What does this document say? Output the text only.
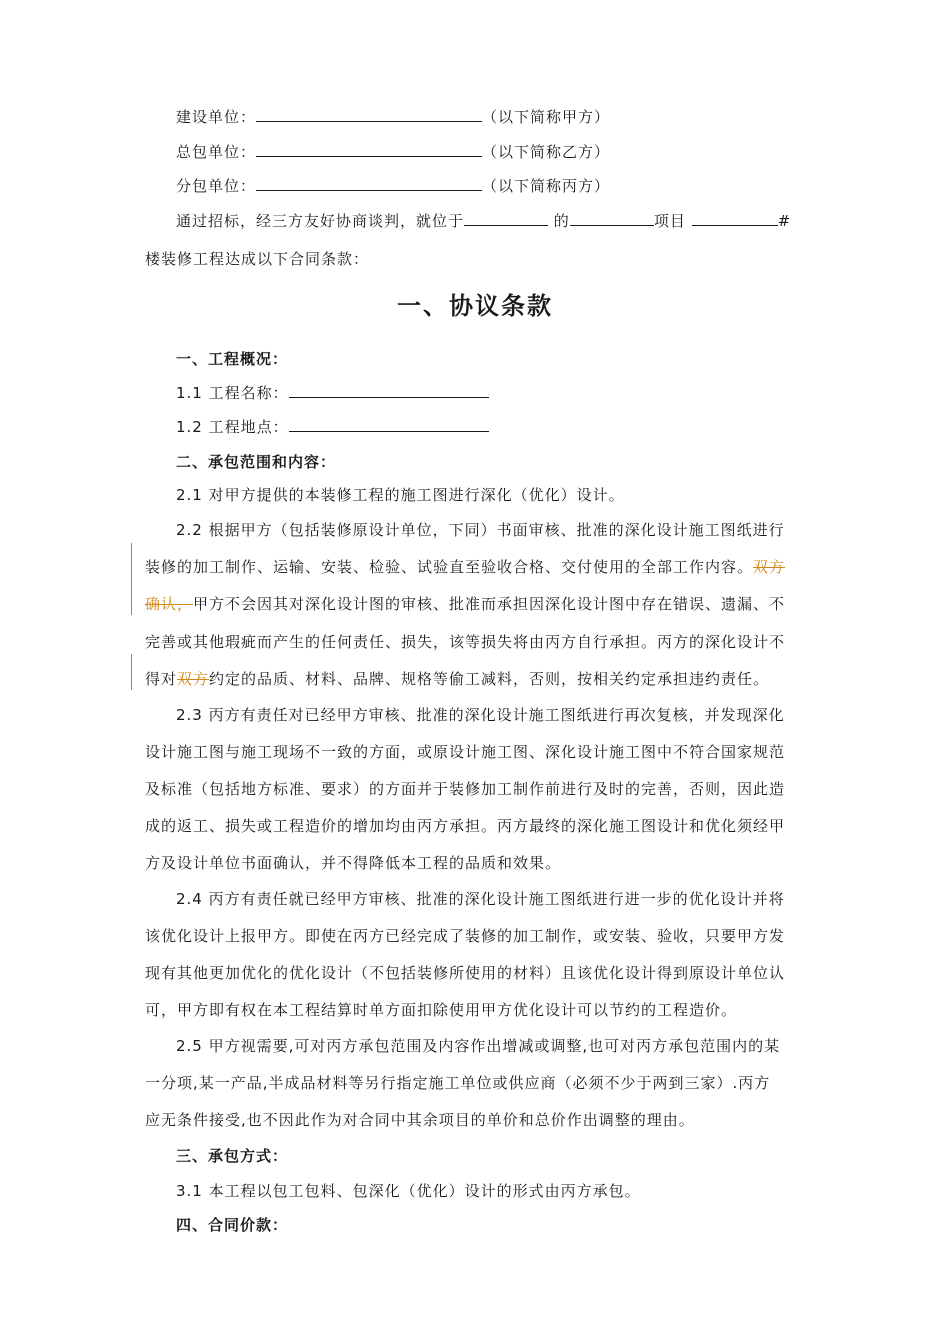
建设单位：	（以下简称甲方）
总包单位：	（以下简称乙方）
分包单位：	（以下简称丙方）
通过招标，经三方友好协商谈判，就位于	的	项目	#
楼装修工程达成以下合同条款：
一、协议条款
一、工程概况：
1.1 工程名称：
1.2 工程地点：
二、承包范围和内容：
2.1 对甲方提供的本装修工程的施工图进行深化（优化）设计。
2.2 根据甲方（包括装修原设计单位，下同）书面审核、批准的深化设计施工图纸进行
装修的加工制作、运输、安装、检验、试验直至验收合格、交付使用的全部工作内容。双方
确认，甲方不会因其对深化设计图的审核、批准而承担因深化设计图中存在错误、遗漏、不
完善或其他瑕疵而产生的任何责任、损失，该等损失将由丙方自行承担。丙方的深化设计不
得对双方约定的品质、材料、品牌、规格等偷工减料，否则，按相关约定承担违约责任。
2.3 丙方有责任对已经甲方审核、批准的深化设计施工图纸进行再次复核，并发现深化
设计施工图与施工现场不一致的方面，或原设计施工图、深化设计施工图中不符合国家规范
及标准（包括地方标准、要求）的方面并于装修加工制作前进行及时的完善，否则，因此造
成的返工、损失或工程造价的增加均由丙方承担。丙方最终的深化施工图设计和优化须经甲
方及设计单位书面确认，并不得降低本工程的品质和效果。
2.4 丙方有责任就已经甲方审核、批准的深化设计施工图纸进行进一步的优化设计并将
该优化设计上报甲方。即使在丙方已经完成了装修的加工制作，或安装、验收，只要甲方发
现有其他更加优化的优化设计（不包括装修所使用的材料）且该优化设计得到原设计单位认
可，甲方即有权在本工程结算时单方面扣除使用甲方优化设计可以节约的工程造价。
2.5 甲方视需要,可对丙方承包范围及内容作出增减或调整,也可对丙方承包范围内的某
一分项,某一产品,半成品材料等另行指定施工单位或供应商（必须不少于两到三家）.丙方
应无条件接受,也不因此作为对合同中其余项目的单价和总价作出调整的理由。
三、承包方式：
3.1 本工程以包工包料、包深化（优化）设计的形式由丙方承包。
四、合同价款：
